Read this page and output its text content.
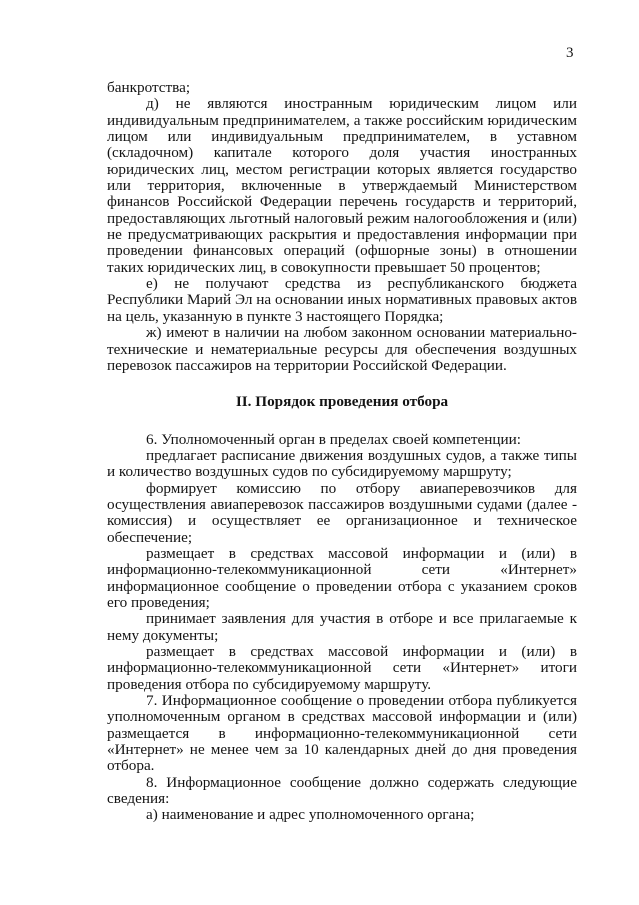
3

банкротства;

д) не являются иностранным юридическим лицом или индивидуальным предпринимателем, а также российским юридическим лицом или индивидуальным предпринимателем, в уставном (складочном) капитале которого доля участия иностранных юридических лиц, местом регистрации которых является государство или территория, включенные в утверждаемый Министерством финансов Российской Федерации перечень государств и территорий, предоставляющих льготный налоговый режим налогообложения и (или) не предусматривающих раскрытия и предоставления информации при проведении финансовых операций (офшорные зоны) в отношении таких юридических лиц, в совокупности превышает 50 процентов;

е) не получают средства из республиканского бюджета Республики Марий Эл на основании иных нормативных правовых актов на цель, указанную в пункте 3 настоящего Порядка;

ж) имеют в наличии на любом законном основании материально-технические и нематериальные ресурсы для обеспечения воздушных перевозок пассажиров на территории Российской Федерации.

II. Порядок проведения отбора

6. Уполномоченный орган в пределах своей компетенции:

предлагает расписание движения воздушных судов, а также типы и количество воздушных судов по субсидируемому маршруту;

формирует комиссию по отбору авиаперевозчиков для осуществления авиаперевозок пассажиров воздушными судами (далее - комиссия) и осуществляет ее организационное и техническое обеспечение;

размещает в средствах массовой информации и (или) в информационно-телекоммуникационной сети «Интернет» информационное сообщение о проведении отбора с указанием сроков его проведения;

принимает заявления для участия в отборе и все прилагаемые к нему документы;

размещает в средствах массовой информации и (или) в информационно-телекоммуникационной сети «Интернет» итоги проведения отбора по субсидируемому маршруту.

7. Информационное сообщение о проведении отбора публикуется уполномоченным органом в средствах массовой информации и (или) размещается в информационно-телекоммуникационной сети «Интернет» не менее чем за 10 календарных дней до дня проведения отбора.

8. Информационное сообщение должно содержать следующие сведения:

а) наименование и адрес уполномоченного органа;
